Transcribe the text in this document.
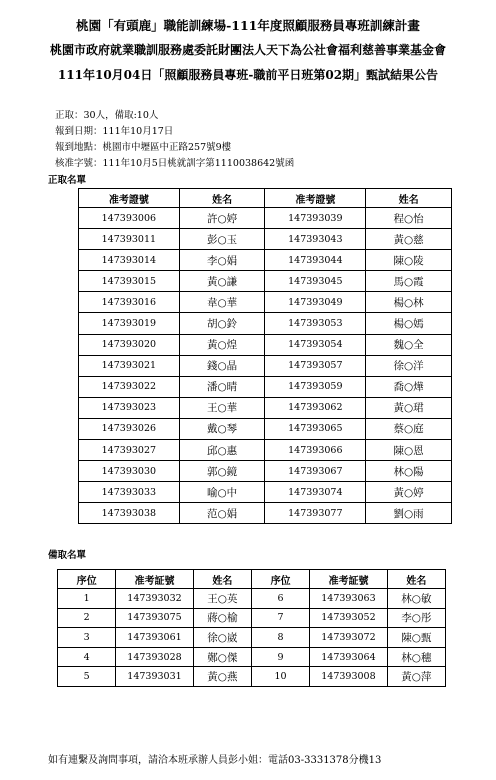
桃園「有頭鹿」職能訓練場-111年度照顧服務員專班訓練計畫
桃園市政府就業職訓服務處委託財團法人天下為公社會福利慈善事業基金會
111年10月04日「照顧服務員專班-職前平日班第02期」甄試結果公告
正取：30人，備取:10人
報到日期：111年10月17日
報到地點：桃園市中壢區中正路257號9樓
核准字號：111年10月5日桃就訓字第1110038642號函
正取名單
准考證號	姓名	准考證號	姓名
147393006	許○婷	147393039	程○怡
147393011	彭○玉	147393043	黃○慈
147393014	李○娟	147393044	陳○陵
147393015	黃○謙	147393045	馬○霞
147393016	韋○華	147393049	楊○林
147393019	胡○鈴	147393053	楊○嫣
147393020	黃○煌	147393054	魏○全
147393021	錢○晶	147393057	徐○洋
147393022	潘○晴	147393059	喬○燁
147393023	王○華	147393062	黃○珺
147393026	戴○琴	147393065	蔡○庭
147393027	邱○惠	147393066	陳○恩
147393030	郭○鏡	147393067	林○陽
147393033	喻○中	147393074	黃○婷
147393038	范○娟	147393077	劉○雨
備取名單
序位	准考証號	姓名	序位	准考証號	姓名
1	147393032	王○英	6	147393063	林○敏
2	147393075	蔣○榆	7	147393052	李○彤
3	147393061	徐○崴	8	147393072	陳○甄
4	147393028	鄭○傑	9	147393064	林○穗
5	147393031	黃○燕	10	147393008	黃○萍
如有連繫及詢問事項，請洽本班承辦人員彭小姐：電話03-3331378分機13
